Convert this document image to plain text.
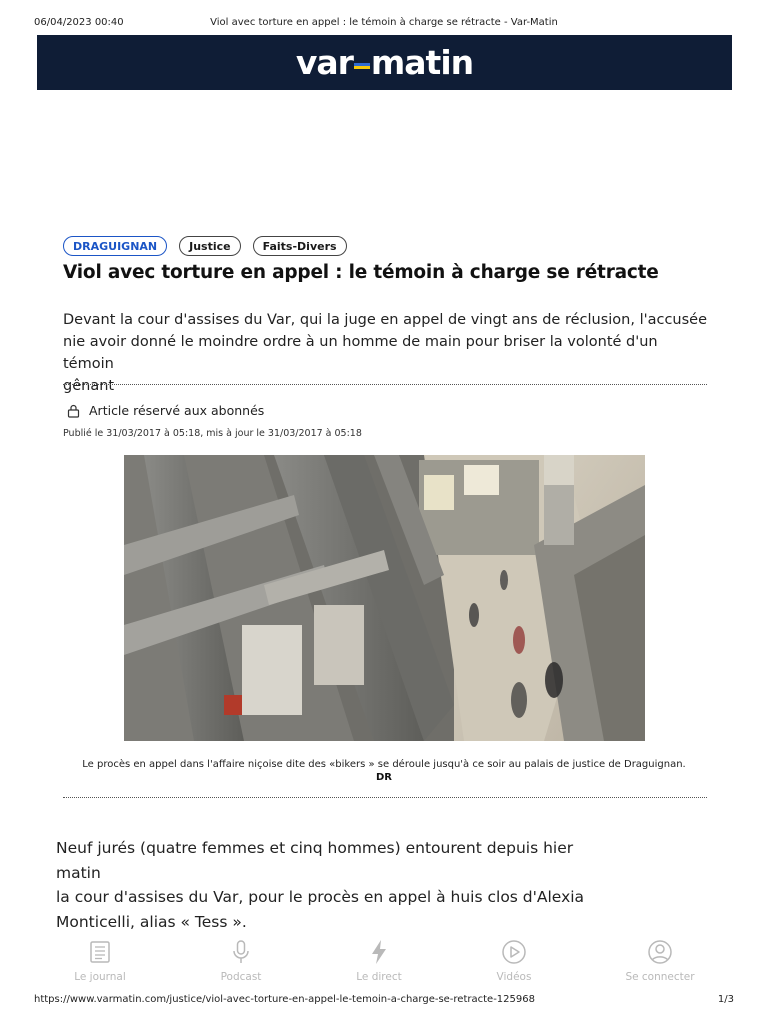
06/04/2023 00:40	Viol avec torture en appel : le témoin à charge se rétracte - Var-Matin
var matin
DRAGUIGNAN	Justice	Faits-Divers
Viol avec torture en appel : le témoin à charge se rétracte
Devant la cour d'assises du Var, qui la juge en appel de vingt ans de réclusion, l'accusée
nie avoir donné le moindre ordre à un homme de main pour briser la volonté d'un témoin
gênant
Article réservé aux abonnés
Publié le 31/03/2017 à 05:18, mis à jour le 31/03/2017 à 05:18
Le procès en appel dans l'affaire niçoise dite des «bikers » se déroule jusqu'à ce soir au palais de justice de Draguignan.
DR
Neuf jurés (quatre femmes et cinq hommes) entourent depuis hier matin
la cour d'assises du Var, pour le procès en appel à huis clos d'Alexia
Monticelli, alias « Tess ».
Le journal	Podcast	Le direct	Vidéos	Se connecter
https://www.varmatin.com/justice/viol-avec-torture-en-appel-le-temoin-a-charge-se-retracte-125968	1/3
